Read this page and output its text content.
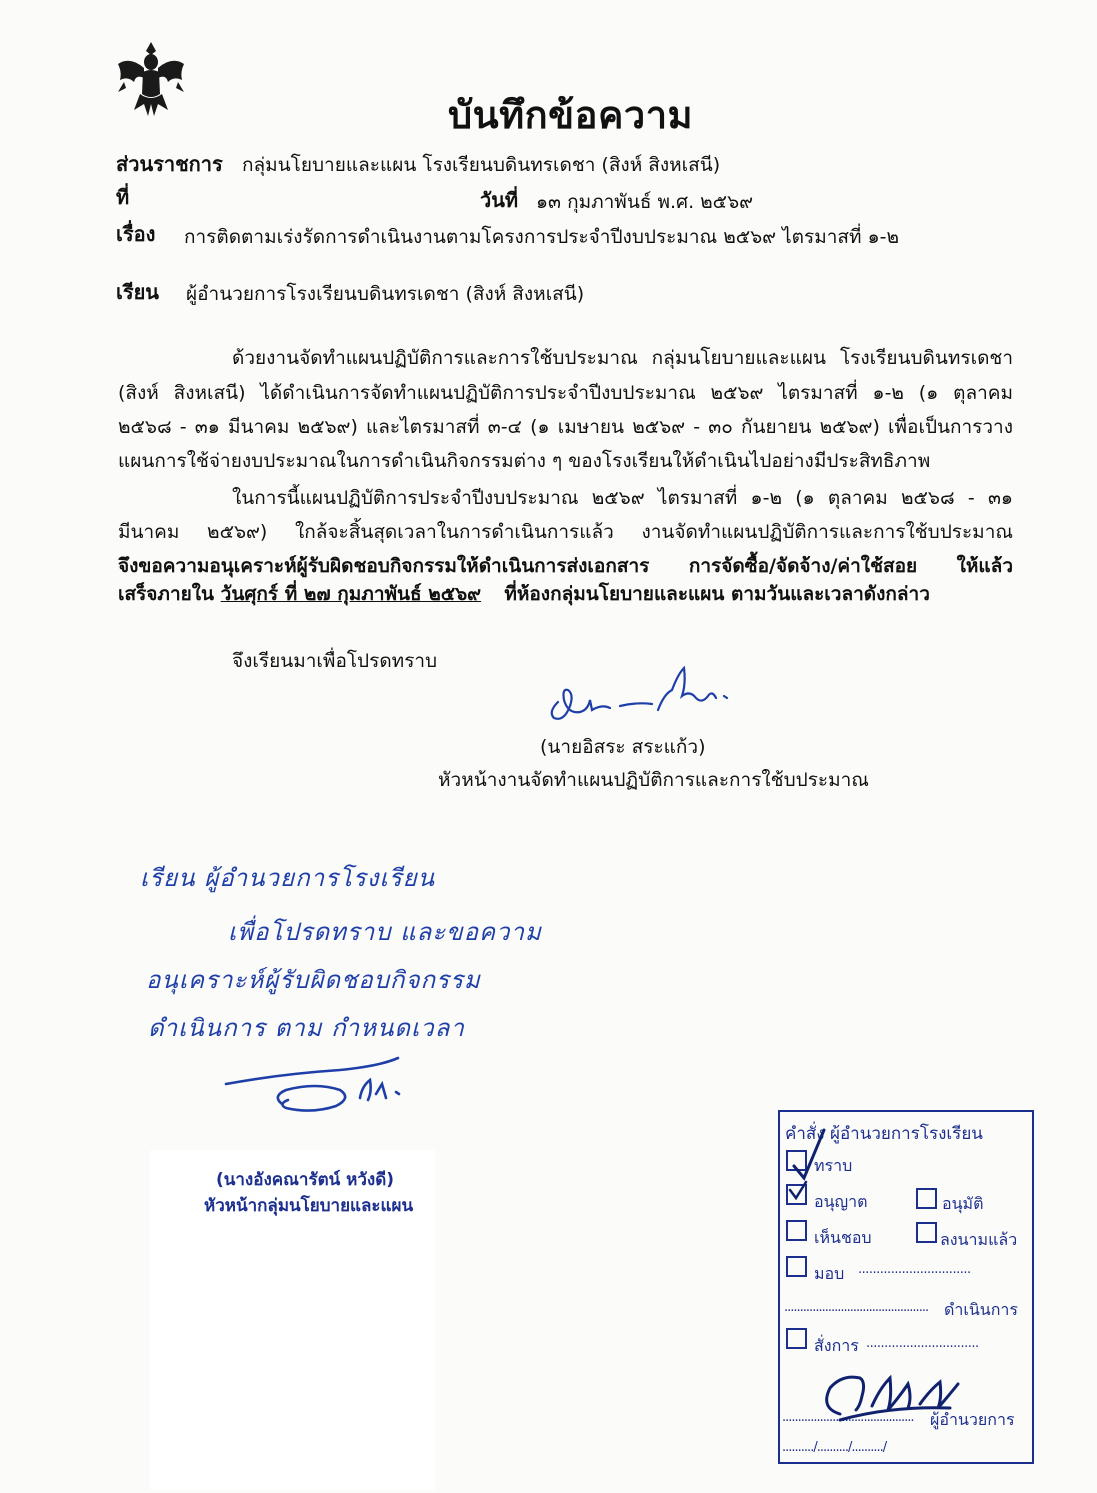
บันทึกข้อความ
ส่วนราชการ กลุ่มนโยบายและแผน โรงเรียนบดินทรเดชา (สิงห์ สิงหเสนี)
ที่	วันที่ ๑๓ กุมภาพันธ์ พ.ศ. ๒๕๖๙
เรื่อง การติดตามเร่งรัดการดำเนินงานตามโครงการประจำปีงบประมาณ ๒๕๖๙ ไตรมาสที่ ๑-๒
เรียน ผู้อำนวยการโรงเรียนบดินทรเดชา (สิงห์ สิงหเสนี)
ด้วยงานจัดทำแผนปฏิบัติการและการใช้บประมาณ กลุ่มนโยบายและแผน โรงเรียนบดินทรเดชา
(สิงห์ สิงหเสนี) ได้ดำเนินการจัดทำแผนปฏิบัติการประจำปีงบประมาณ ๒๕๖๙ ไตรมาสที่ ๑-๒ (๑ ตุลาคม
๒๕๖๘ - ๓๑ มีนาคม ๒๕๖๙) และไตรมาสที่ ๓-๔ (๑ เมษายน ๒๕๖๙ - ๓๐ กันยายน ๒๕๖๙) เพื่อเป็นการวาง
แผนการใช้จ่ายงบประมาณในการดำเนินกิจกรรมต่าง ๆ ของโรงเรียนให้ดำเนินไปอย่างมีประสิทธิภาพ
ในการนี้แผนปฏิบัติการประจำปีงบประมาณ ๒๕๖๙ ไตรมาสที่ ๑-๒ (๑ ตุลาคม ๒๕๖๘ - ๓๑
มีนาคม ๒๕๖๙) ใกล้จะสิ้นสุดเวลาในการดำเนินการแล้ว งานจัดทำแผนปฏิบัติการและการใช้บประมาณ
จึงขอความอนุเคราะห์ผู้รับผิดชอบกิจกรรมให้ดำเนินการส่งเอกสาร การจัดซื้อ/จัดจ้าง/ค่าใช้สอย ให้แล้ว
เสร็จภายใน วันศุกร์ ที่ ๒๗ กุมภาพันธ์ ๒๕๖๙ ที่ห้องกลุ่มนโยบายและแผน ตามวันและเวลาดังกล่าว
จึงเรียนมาเพื่อโปรดทราบ
(นายอิสระ สระแก้ว)
หัวหน้างานจัดทำแผนปฏิบัติการและการใช้บประมาณ
เรียน ผู้อำนวยการโรงเรียน
เพื่อโปรดทราบ และขอความ
อนุเคราะห์ผู้รับผิดชอบกิจกรรม
ดำเนินการ ตาม กำหนดเวลา
(นางอังคณารัตน์ หวังดี)
หัวหน้ากลุ่มนโยบายและแผน
คำสั่ง ผู้อำนวยการโรงเรียน
ทราบ
อนุญาต	อนุมัติ
เห็นชอบ	ลงนามแล้ว
มอบ ...............................
.............................................. ดำเนินการ
สั่งการ ...............................
.......................................... ผู้อำนวยการ
........../........../........../
